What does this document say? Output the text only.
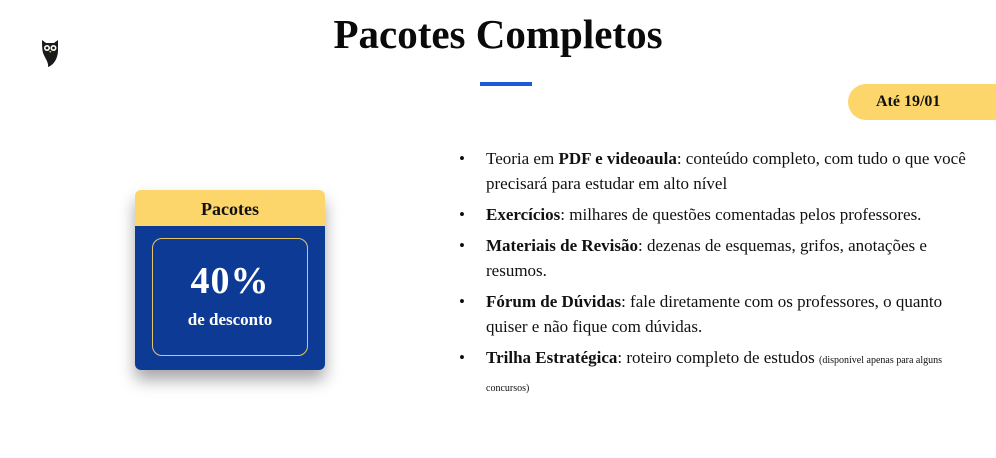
Pacotes Completos
Até 19/01
Pacotes
40%
de desconto
• Teoria em PDF e videoaula: conteúdo completo, com tudo o que você precisará para estudar em alto nível
• Exercícios: milhares de questões comentadas pelos professores.
• Materiais de Revisão: dezenas de esquemas, grifos, anotações e resumos.
• Fórum de Dúvidas: fale diretamente com os professores, o quanto quiser e não fique com dúvidas.
• Trilha Estratégica: roteiro completo de estudos (disponível apenas para alguns concursos)
